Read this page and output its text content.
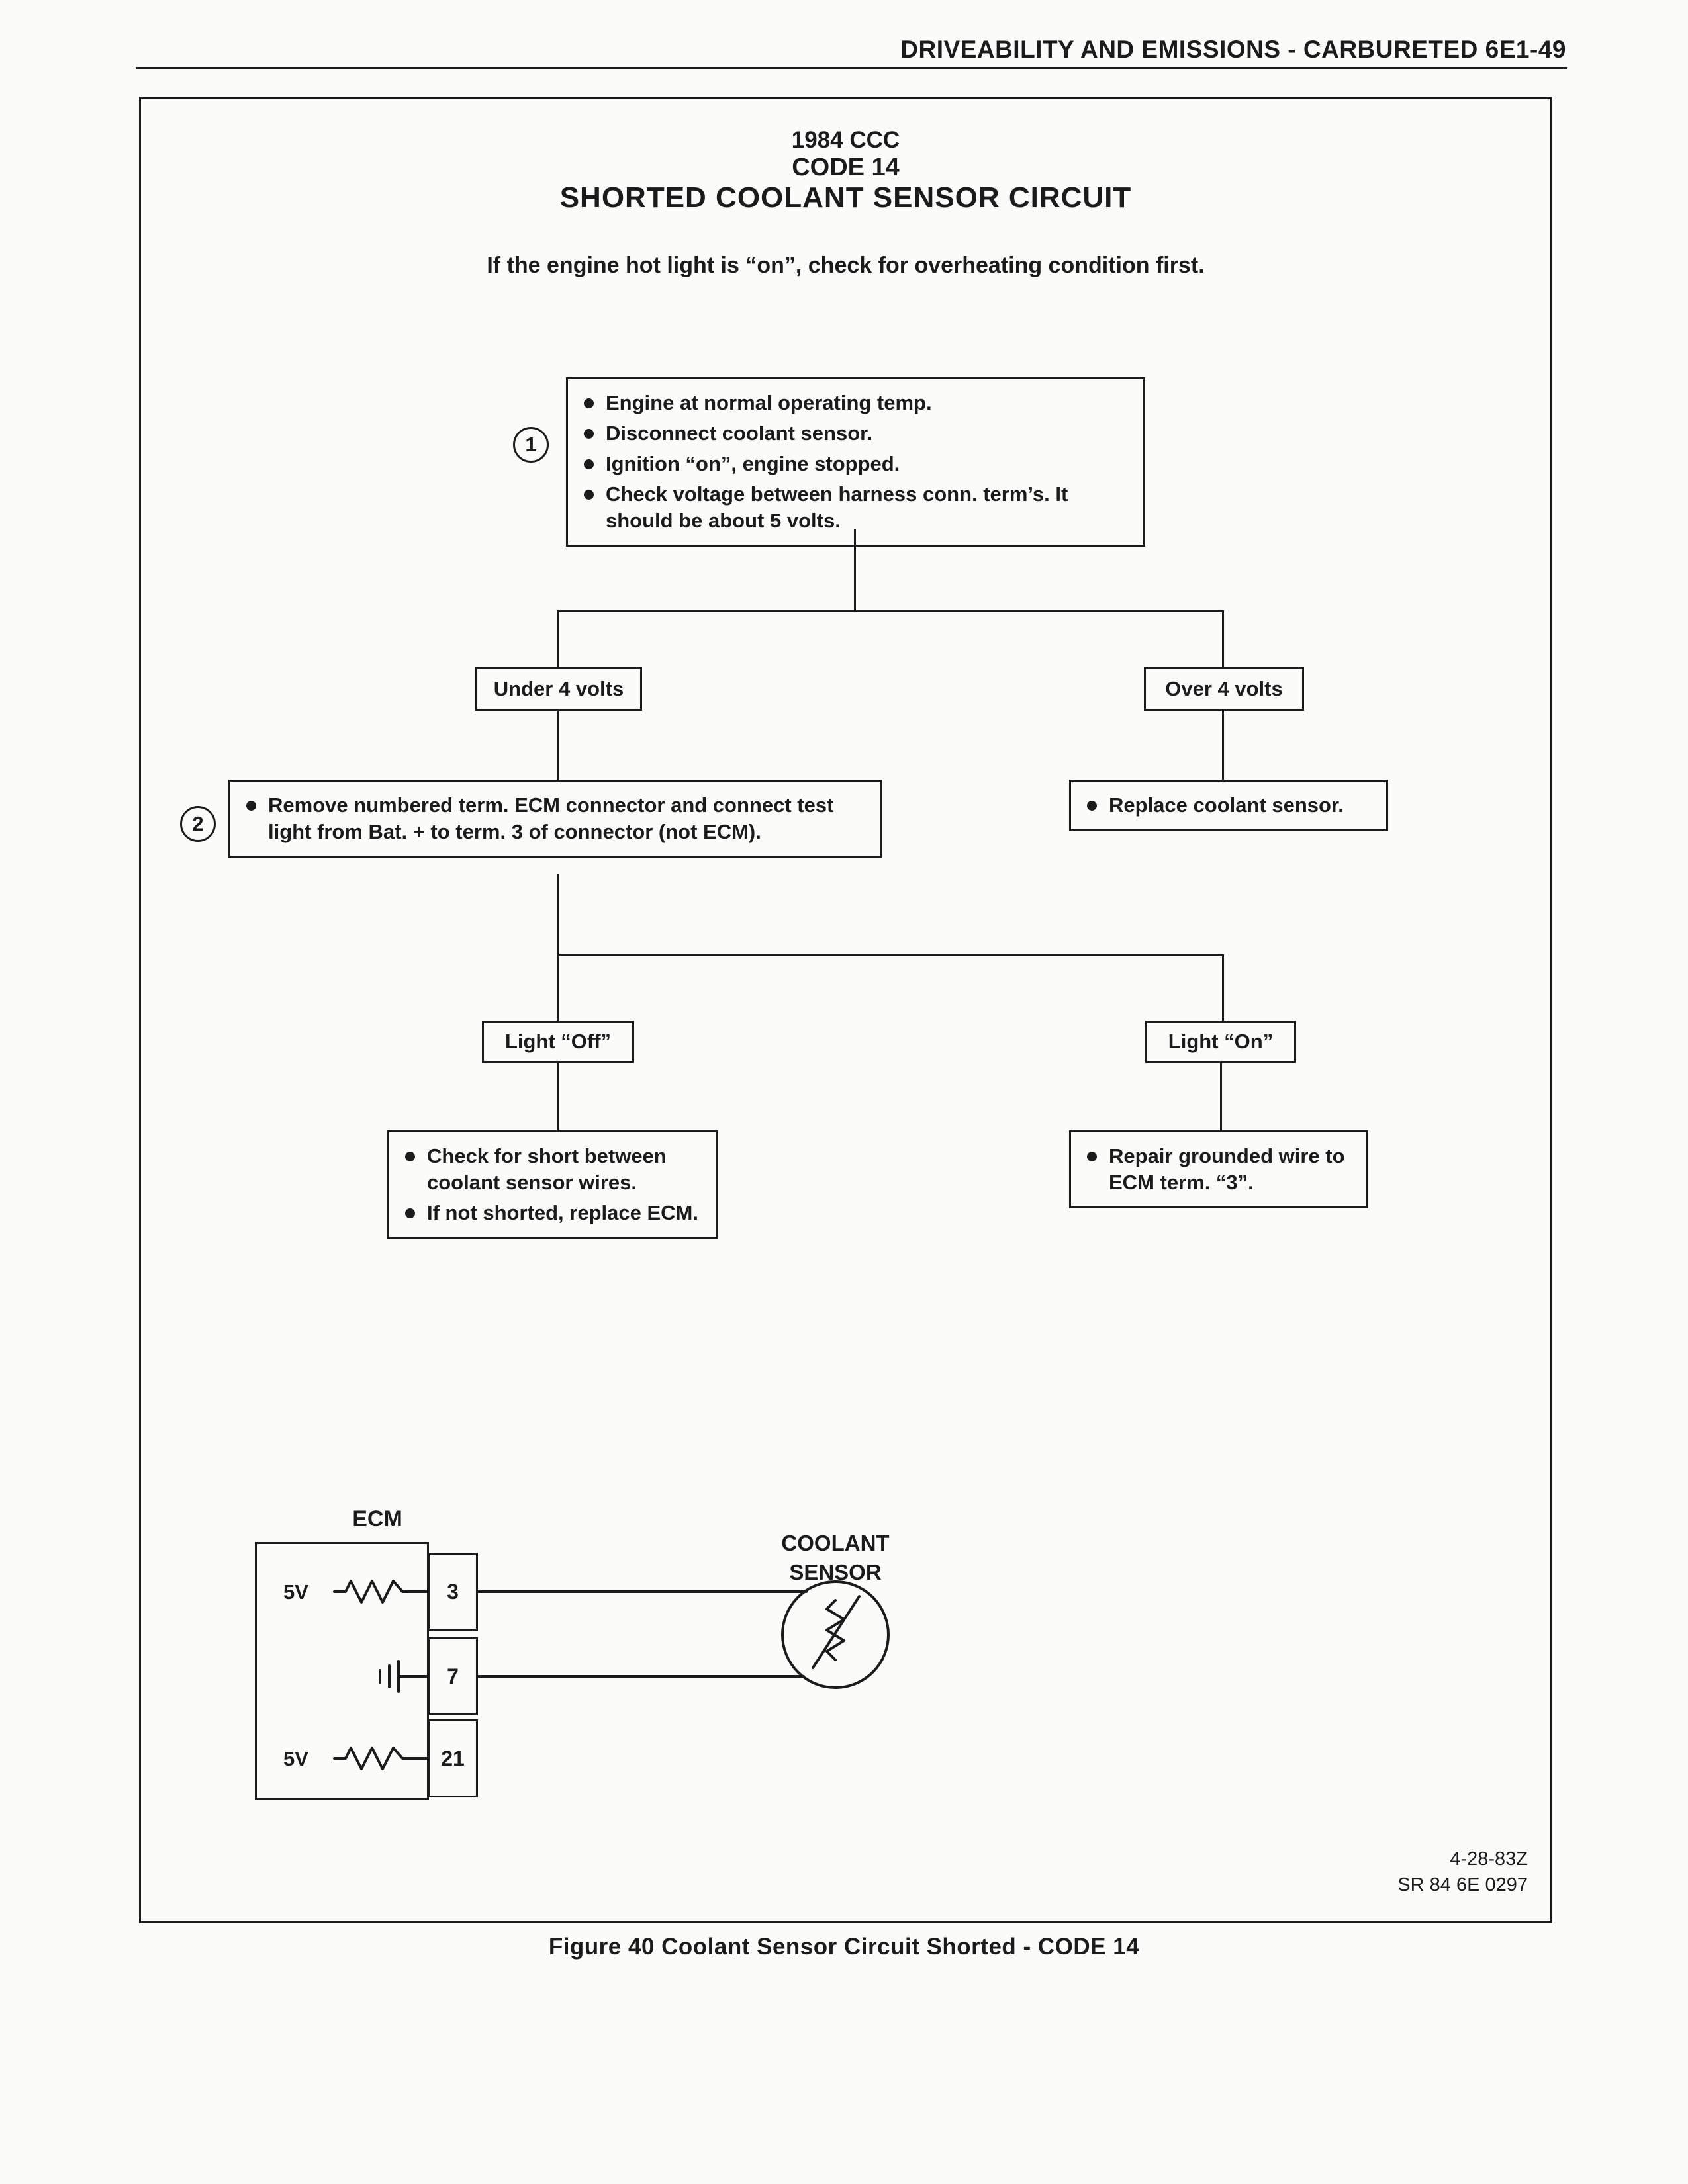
DRIVEABILITY AND EMISSIONS - CARBURETED 6E1-49
1984 CCC
CODE 14
SHORTED COOLANT SENSOR CIRCUIT
If the engine hot light is “on”, check for overheating condition first.
1
Engine at normal operating temp.
Disconnect coolant sensor.
Ignition “on”, engine stopped.
Check voltage between harness conn. term’s. It should be about 5 volts.
Under 4 volts	Over 4 volts
2
Remove numbered term. ECM connector and connect test light from Bat. + to term. 3 of connector (not ECM).
Replace coolant sensor.
Light “Off”	Light “On”
Check for short between coolant sensor wires.
If not shorted, replace ECM.
Repair grounded wire to ECM term. “3”.
ECM
3
7
21
5V
5V
COOLANT
SENSOR
4-28-83Z
SR 84 6E 0297
Figure 40 Coolant Sensor Circuit Shorted - CODE 14
